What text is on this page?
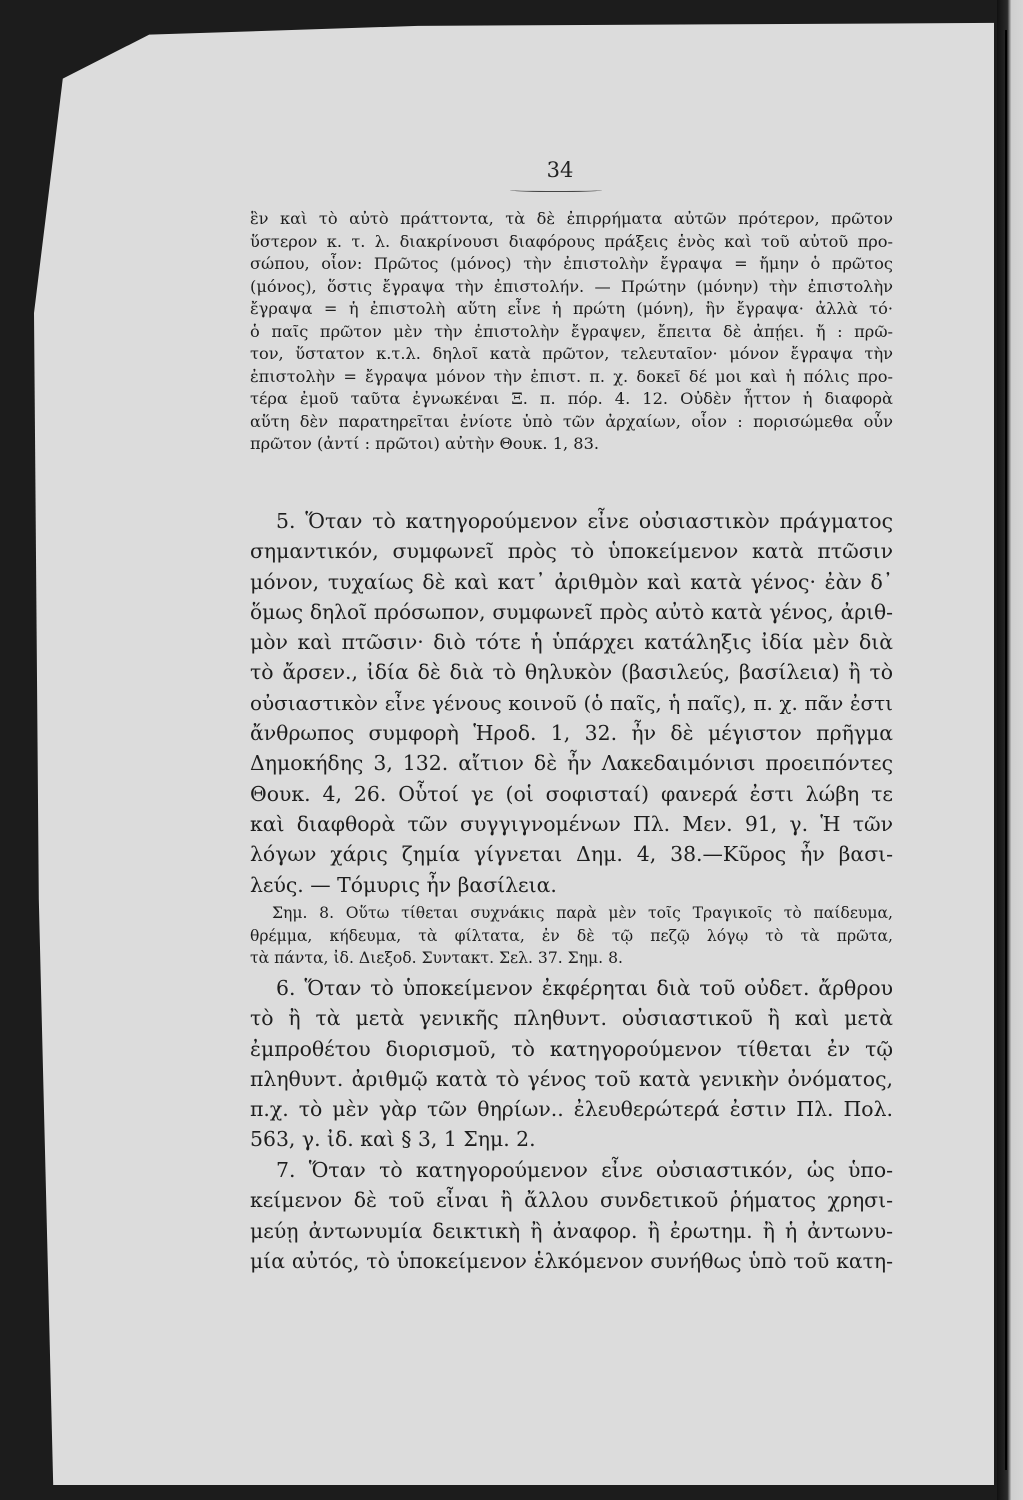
34
ἓν καὶ τὸ αὐτὸ πράττοντα, τὰ δὲ ἐπιρρήματα αὐτῶν πρότερον, πρῶτον
ὕστερον κ. τ. λ. διακρίνουσι διαφόρους πράξεις ἑνὸς καὶ τοῦ αὐτοῦ προ-
σώπου, οἷον: Πρῶτος (μόνος) τὴν ἐπιστολὴν ἔγραψα = ἤμην ὁ πρῶτος
(μόνος), ὅστις ἔγραψα τὴν ἐπιστολήν. — Πρώτην (μόνην) τὴν ἐπιστολὴν
ἔγραψα = ἡ ἐπιστολὴ αὕτη εἶνε ἡ πρώτη (μόνη), ἣν ἔγραψα· ἀλλὰ τό·
ὁ παῖς πρῶτον μὲν τὴν ἐπιστολὴν ἔγραψεν, ἔπειτα δὲ ἀπῄει. ἤ : πρῶ-
τον, ὕστατον κ.τ.λ. δηλοῖ κατὰ πρῶτον, τελευταῖον· μόνον ἔγραψα τὴν
ἐπιστολὴν = ἔγραψα μόνον τὴν ἐπιστ. π. χ. δοκεῖ δέ μοι καὶ ἡ πόλις προ-
τέρα ἐμοῦ ταῦτα ἐγνωκέναι Ξ. π. πόρ. 4. 12. Οὐδὲν ἧττον ἡ διαφορὰ
αὕτη δὲν παρατηρεῖται ἐνίοτε ὑπὸ τῶν ἀρχαίων, οἷον : πορισώμεθα οὖν
πρῶτον (ἀντί : πρῶτοι) αὐτὴν Θουκ. 1, 83.
5. Ὅταν τὸ κατηγορούμενον εἶνε οὐσιαστικὸν πράγματος
σημαντικόν, συμφωνεῖ πρὸς τὸ ὑποκείμενον κατὰ πτῶσιν
μόνον, τυχαίως δὲ καὶ κατ᾽ ἀριθμὸν καὶ κατὰ γένος· ἐὰν δ᾽
ὅμως δηλοῖ πρόσωπον, συμφωνεῖ πρὸς αὐτὸ κατὰ γένος, ἀριθ-
μὸν καὶ πτῶσιν· διὸ τότε ἡ ὑπάρχει κατάληξις ἰδία μὲν διὰ
τὸ ἄρσεν., ἰδία δὲ διὰ τὸ θηλυκὸν (βασιλεύς, βασίλεια) ἢ τὸ
οὐσιαστικὸν εἶνε γένους κοινοῦ (ὁ παῖς, ἡ παῖς), π. χ. πᾶν ἐστι
ἄνθρωπος συμφορὴ Ἡροδ. 1, 32. ἦν δὲ μέγιστον πρῆγμα
Δημοκήδης 3, 132. αἴτιον δὲ ἦν Λακεδαιμόνισι προειπόντες
Θουκ. 4, 26. Οὗτοί γε (οἱ σοφισταί) φανερά ἐστι λώβη τε
καὶ διαφθορὰ τῶν συγγιγνομένων Πλ. Μεν. 91, γ. Ἡ τῶν
λόγων χάρις ζημία γίγνεται Δημ. 4, 38.—Κῦρος ἦν βασι-
λεύς. — Τόμυρις ἦν βασίλεια.
Σημ. 8. Οὕτω τίθεται συχνάκις παρὰ μὲν τοῖς Τραγικοῖς τὸ παίδευμα,
θρέμμα, κήδευμα, τὰ φίλτατα, ἐν δὲ τῷ πεζῷ λόγῳ τὸ τὰ πρῶτα,
τὰ πάντα, ἰδ. Διεξοδ. Συντακτ. Σελ. 37. Σημ. 8.
6. Ὅταν τὸ ὑποκείμενον ἐκφέρηται διὰ τοῦ οὐδετ. ἄρθρου
τὸ ἢ τὰ μετὰ γενικῆς πληθυντ. οὐσιαστικοῦ ἢ καὶ μετὰ
ἐμπροθέτου διορισμοῦ, τὸ κατηγορούμενον τίθεται ἐν τῷ
πληθυντ. ἀριθμῷ κατὰ τὸ γένος τοῦ κατὰ γενικὴν ὀνόματος,
π.χ. τὸ μὲν γὰρ τῶν θηρίων.. ἐλευθερώτερά ἐστιν Πλ. Πολ.
563, γ. ἰδ. καὶ § 3, 1 Σημ. 2.
7. Ὅταν τὸ κατηγορούμενον εἶνε οὐσιαστικόν, ὡς ὑπο-
κείμενον δὲ τοῦ εἶναι ἢ ἄλλου συνδετικοῦ ῥήματος χρησι-
μεύῃ ἀντωνυμία δεικτικὴ ἢ ἀναφορ. ἢ ἐρωτημ. ἢ ἡ ἀντωνυ-
μία αὐτός, τὸ ὑποκείμενον ἑλκόμενον συνήθως ὑπὸ τοῦ κατη-
